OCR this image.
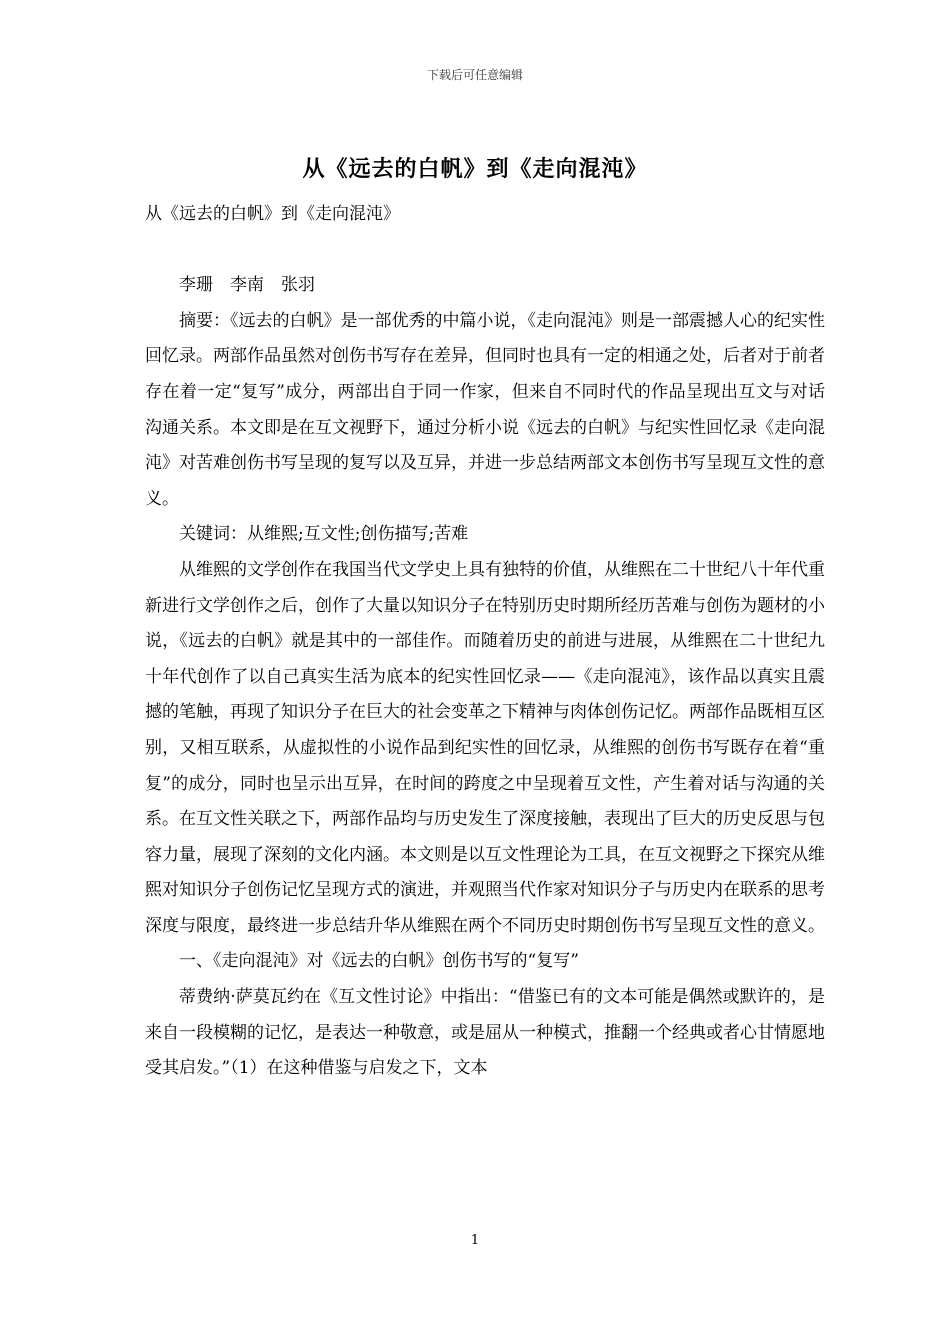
下载后可任意编辑
从《远去的白帆》到《走向混沌》

从《远去的白帆》到《走向混沌》

李珊　李南　张羽

摘要：《远去的白帆》是一部优秀的中篇小说，《走向混沌》则是一部震撼人心的纪实性回忆录。两部作品虽然对创伤书写存在差异，但同时也具有一定的相通之处，后者对于前者存在着一定“复写”成分，两部出自于同一作家，但来自不同时代的作品呈现出互文与对话沟通关系。本文即是在互文视野下，通过分析小说《远去的白帆》与纪实性回忆录《走向混沌》对苦难创伤书写呈现的复写以及互异，并进一步总结两部文本创伤书写呈现互文性的意义。

关键词：从维熙;互文性;创伤描写;苦难

从维熙的文学创作在我国当代文学史上具有独特的价值，从维熙在二十世纪八十年代重新进行文学创作之后，创作了大量以知识分子在特别历史时期所经历苦难与创伤为题材的小说，《远去的白帆》就是其中的一部佳作。而随着历史的前进与进展，从维熙在二十世纪九十年代创作了以自己真实生活为底本的纪实性回忆录——《走向混沌》，该作品以真实且震撼的笔触，再现了知识分子在巨大的社会变革之下精神与肉体创伤记忆。两部作品既相互区别，又相互联系，从虚拟性的小说作品到纪实性的回忆录，从维熙的创伤书写既存在着“重复”的成分，同时也呈示出互异，在时间的跨度之中呈现着互文性，产生着对话与沟通的关系。在互文性关联之下，两部作品均与历史发生了深度接触，表现出了巨大的历史反思与包容力量，展现了深刻的文化内涵。本文则是以互文性理论为工具，在互文视野之下探究从维熙对知识分子创伤记忆呈现方式的演进，并观照当代作家对知识分子与历史内在联系的思考深度与限度，最终进一步总结升华从维熙在两个不同历史时期创伤书写呈现互文性的意义。

一、《走向混沌》对《远去的白帆》创伤书写的“复写”

蒂费纳·萨莫瓦约在《互文性讨论》中指出：“借鉴已有的文本可能是偶然或默许的，是来自一段模糊的记忆，是表达一种敬意，或是屈从一种模式，推翻一个经典或者心甘情愿地受其启发。”（1）在这种借鉴与启发之下，文本

1
